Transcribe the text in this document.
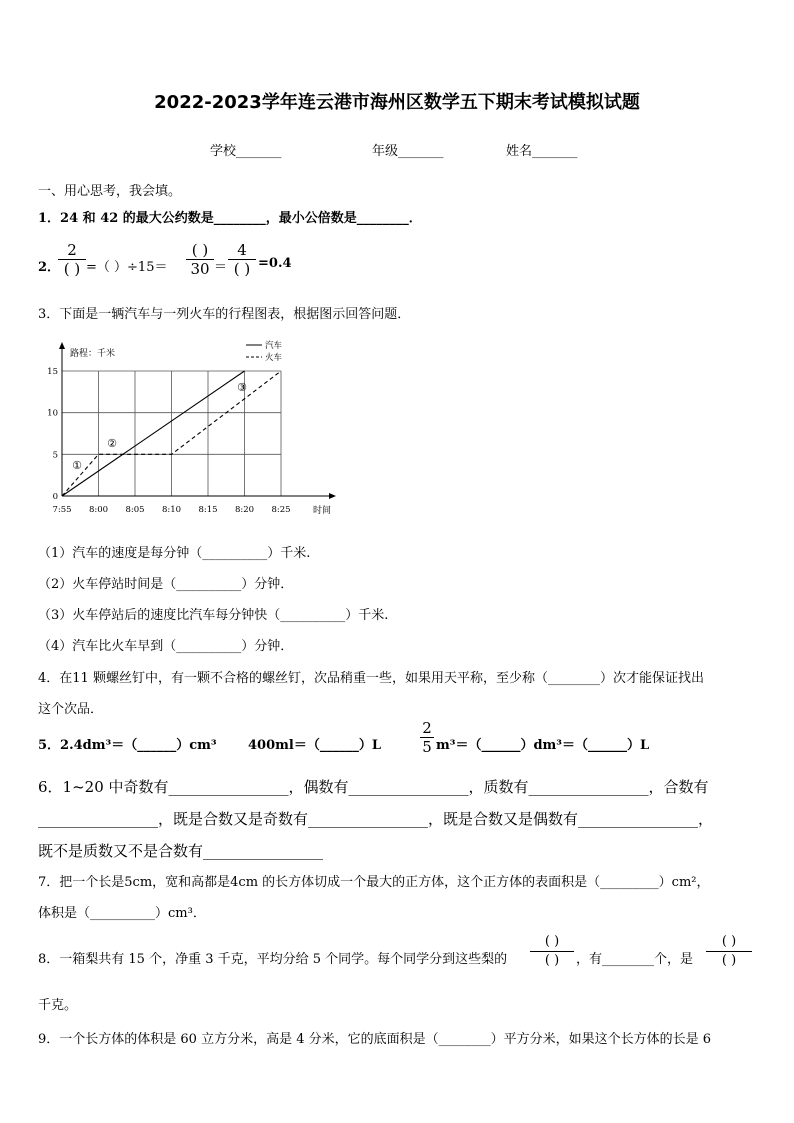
2022-2023学年连云港市海州区数学五下期末考试模拟试题
学校_______	年级_______	姓名_______
一、用心思考，我会填。
1．24 和 42 的最大公约数是________，最小公倍数是________．
2．
2
( ) =（ ）÷15＝
( )
30 ＝
4
( ) =0.4
3．下面是一辆汽车与一列火车的行程图表，根据图示回答问题．
路程：千米
时间
汽车
火车
①
②
③
7:55 8:00 8:05 8:10 8:15 8:20 8:25
0
5
10
15
（1）汽车的速度是每分钟（__________）千米.
（2）火车停站时间是（__________）分钟．
（3）火车停站后的速度比汽车每分钟快（__________）千米.
（4）汽车比火车早到（__________）分钟．
4．在11 颗螺丝钉中，有一颗不合格的螺丝钉，次品稍重一些，如果用天平称，至少称（________）次才能保证找出
这个次品．
5．2.4dm³＝（______）cm³ 400ml＝（______）L
2
5 m³＝（______）dm³＝（______）L
6．1~20 中奇数有________________，偶数有________________，质数有________________，合数有
________________，既是合数又是奇数有________________，既是合数又是偶数有________________，
既不是质数又不是合数有________________
7．把一个长是5cm，宽和高都是4cm 的长方体切成一个最大的正方体，这个正方体的表面积是（_________）cm²，
体积是（__________）cm³．
8．一箱梨共有 15 个，净重 3 千克，平均分给 5 个同学。每个同学分到这些梨的
( )
( )	，有________个，是
( )
( )
千克。
9．一个长方体的体积是 60 立方分米，高是 4 分米，它的底面积是（________）平方分米，如果这个长方体的长是 6
